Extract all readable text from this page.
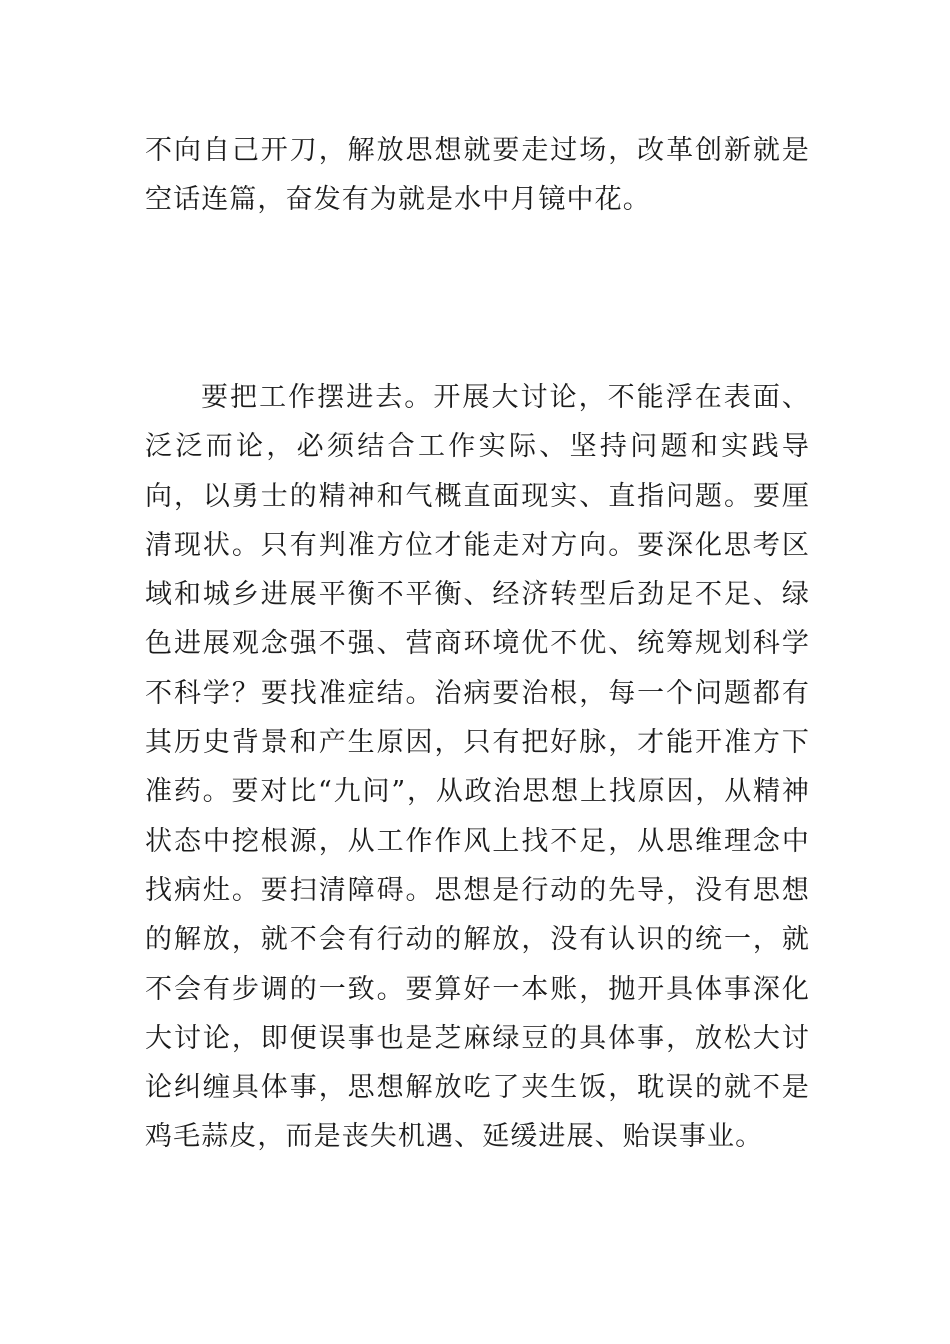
不向自己开刀，解放思想就要走过场，改革创新就是空话连篇，奋发有为就是水中月镜中花。

要把工作摆进去。开展大讨论，不能浮在表面、泛泛而论，必须结合工作实际、坚持问题和实践导向，以勇士的精神和气概直面现实、直指问题。要厘清现状。只有判准方位才能走对方向。要深化思考区域和城乡进展平衡不平衡、经济转型后劲足不足、绿色进展观念强不强、营商环境优不优、统筹规划科学不科学？要找准症结。治病要治根，每一个问题都有其历史背景和产生原因，只有把好脉，才能开准方下准药。要对比“九问”，从政治思想上找原因，从精神状态中挖根源，从工作作风上找不足，从思维理念中找病灶。要扫清障碍。思想是行动的先导，没有思想的解放，就不会有行动的解放，没有认识的统一，就不会有步调的一致。要算好一本账，抛开具体事深化大讨论，即便误事也是芝麻绿豆的具体事，放松大讨论纠缠具体事，思想解放吃了夹生饭，耽误的就不是鸡毛蒜皮，而是丧失机遇、延缓进展、贻误事业。
